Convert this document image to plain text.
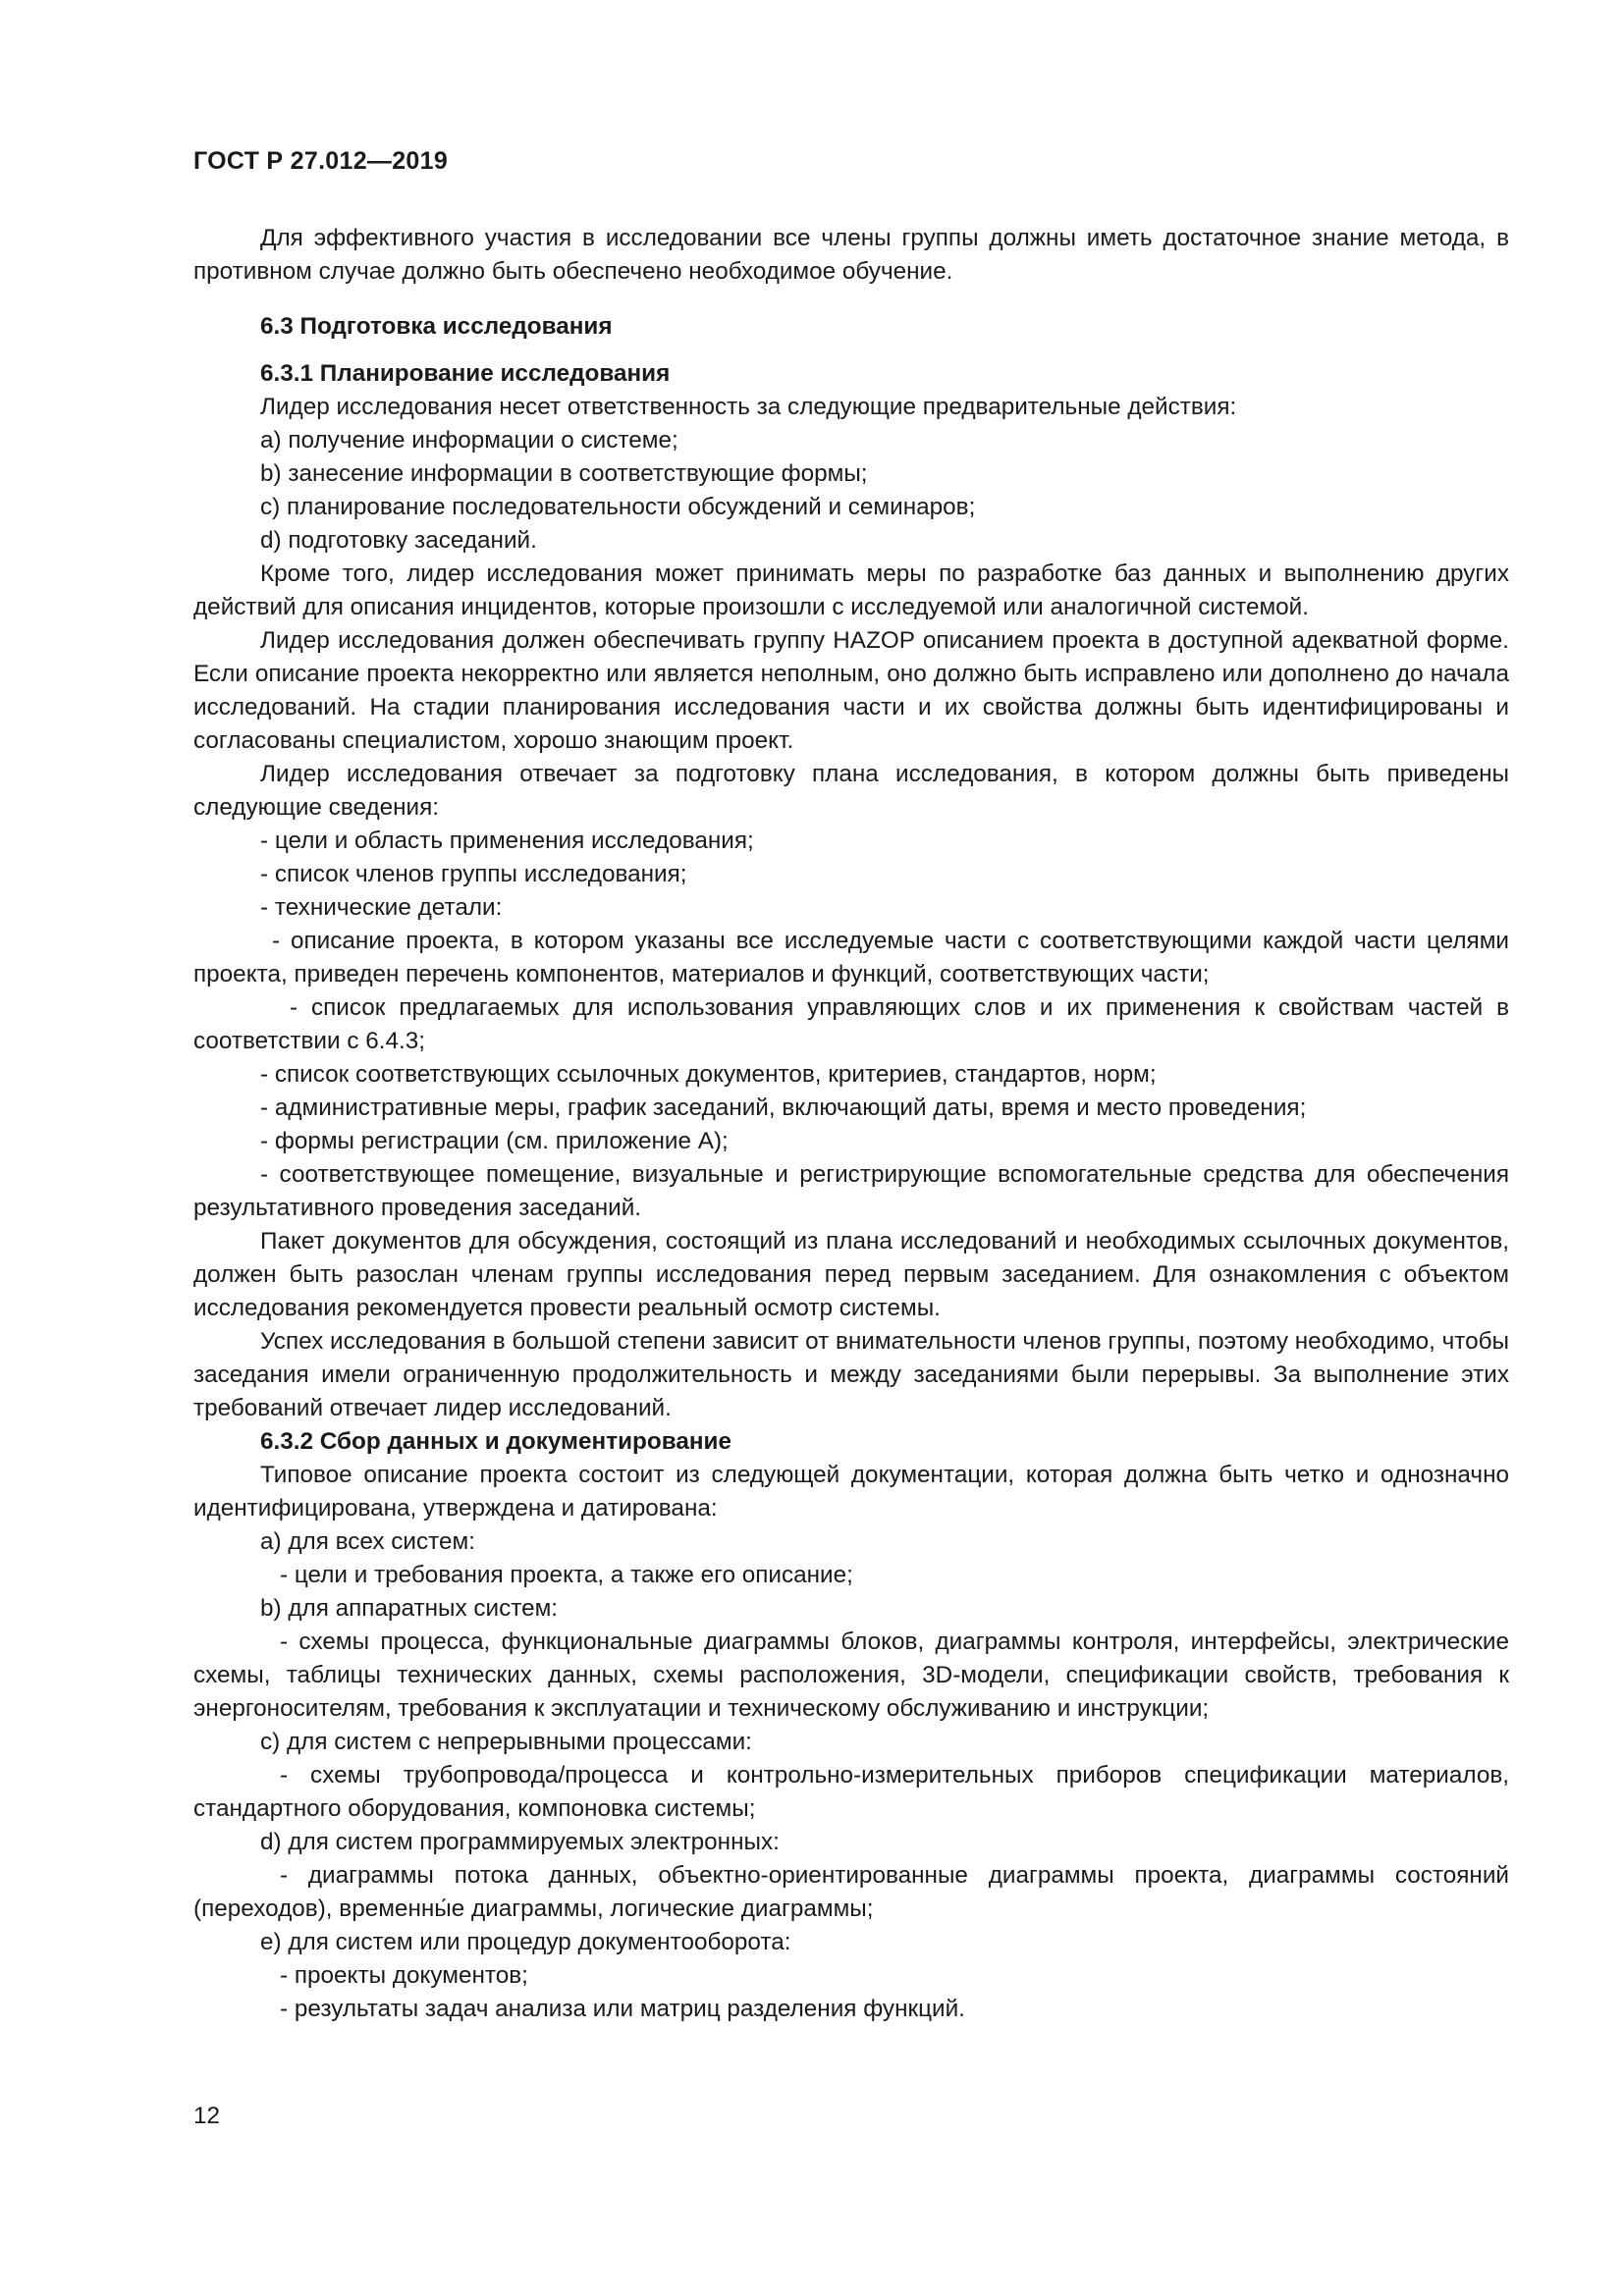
ГОСТ Р 27.012—2019

Для эффективного участия в исследовании все члены группы должны иметь достаточное знание метода, в противном случае должно быть обеспечено необходимое обучение.

6.3 Подготовка исследования

6.3.1 Планирование исследования

Лидер исследования несет ответственность за следующие предварительные действия:

а) получение информации о системе;

b) занесение информации в соответствующие формы;

с) планирование последовательности обсуждений и семинаров;

d) подготовку заседаний.

Кроме того, лидер исследования может принимать меры по разработке баз данных и выполнению других действий для описания инцидентов, которые произошли с исследуемой или аналогичной системой.

Лидер исследования должен обеспечивать группу HAZOP описанием проекта в доступной адекватной форме. Если описание проекта некорректно или является неполным, оно должно быть исправлено или дополнено до начала исследований. На стадии планирования исследования части и их свойства должны быть идентифицированы и согласованы специалистом, хорошо знающим проект.

Лидер исследования отвечает за подготовку плана исследования, в котором должны быть приведены следующие сведения:

- цели и область применения исследования;

- список членов группы исследования;

- технические детали:

- описание проекта, в котором указаны все исследуемые части с соответствующими каждой части целями проекта, приведен перечень компонентов, материалов и функций, соответствующих части;

- список предлагаемых для использования управляющих слов и их применения к свойствам частей в соответствии с 6.4.3;

- список соответствующих ссылочных документов, критериев, стандартов, норм;

- административные меры, график заседаний, включающий даты, время и место проведения;

- формы регистрации (см. приложение А);

- соответствующее помещение, визуальные и регистрирующие вспомогательные средства для обеспечения результативного проведения заседаний.

Пакет документов для обсуждения, состоящий из плана исследований и необходимых ссылочных документов, должен быть разослан членам группы исследования перед первым заседанием. Для ознакомления с объектом исследования рекомендуется провести реальный осмотр системы.

Успех исследования в большой степени зависит от внимательности членов группы, поэтому необходимо, чтобы заседания имели ограниченную продолжительность и между заседаниями были перерывы. За выполнение этих требований отвечает лидер исследований.

6.3.2 Сбор данных и документирование

Типовое описание проекта состоит из следующей документации, которая должна быть четко и однозначно идентифицирована, утверждена и датирована:

а) для всех систем:

- цели и требования проекта, а также его описание;

b) для аппаратных систем:

- схемы процесса, функциональные диаграммы блоков, диаграммы контроля, интерфейсы, электрические схемы, таблицы технических данных, схемы расположения, 3D-модели, спецификации свойств, требования к энергоносителям, требования к эксплуатации и техническому обслуживанию и инструкции;

с) для систем с непрерывными процессами:

- схемы трубопровода/процесса и контрольно-измерительных приборов спецификации материалов, стандартного оборудования, компоновка системы;

d) для систем программируемых электронных:

- диаграммы потока данных, объектно-ориентированные диаграммы проекта, диаграммы состояний (переходов), временны́е диаграммы, логические диаграммы;

е) для систем или процедур документооборота:

- проекты документов;

- результаты задач анализа или матриц разделения функций.

12
